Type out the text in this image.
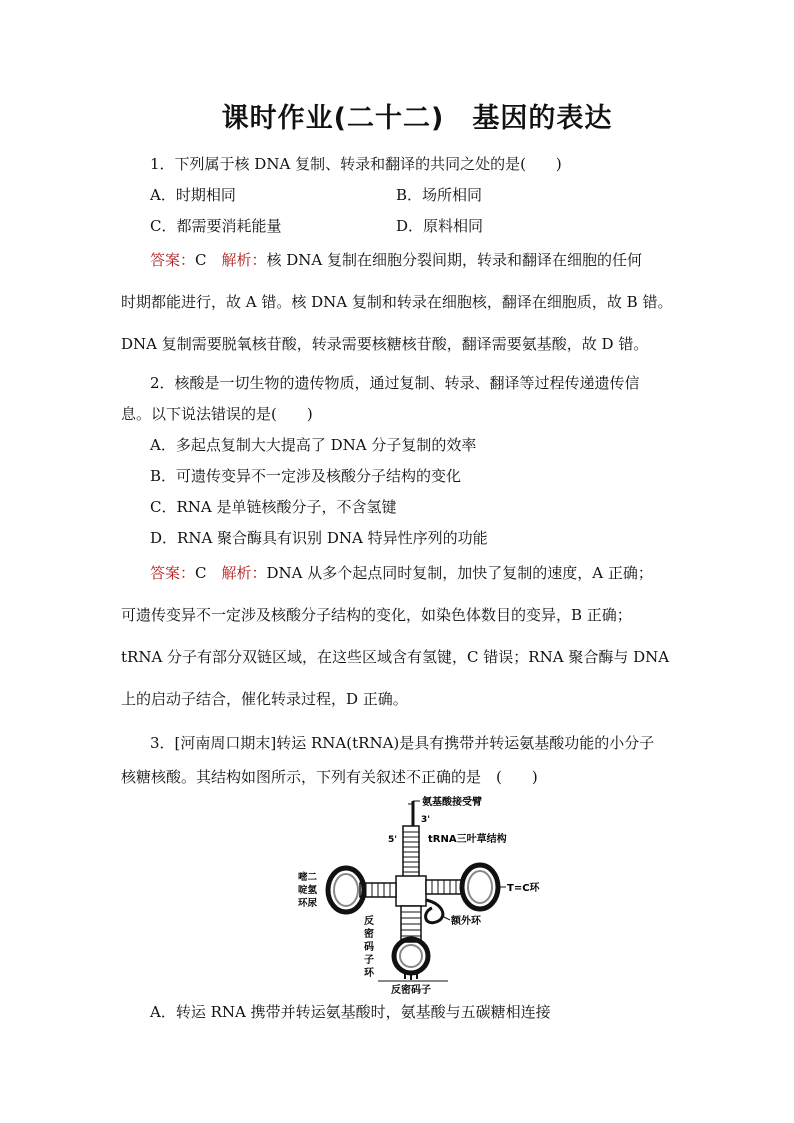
课时作业(二十二)　基因的表达
1．下列属于核 DNA 复制、转录和翻译的共同之处的是(　　)
A．时期相同	B．场所相同
C．都需要消耗能量	D．原料相同
答案：C　解析：核 DNA 复制在细胞分裂间期，转录和翻译在细胞的任何
时期都能进行，故 A 错。核 DNA 复制和转录在细胞核，翻译在细胞质，故 B 错。
DNA 复制需要脱氧核苷酸，转录需要核糖核苷酸，翻译需要氨基酸，故 D 错。
2．核酸是一切生物的遗传物质，通过复制、转录、翻译等过程传递遗传信
息。以下说法错误的是(　　)
A．多起点复制大大提高了 DNA 分子复制的效率
B．可遗传变异不一定涉及核酸分子结构的变化
C．RNA 是单链核酸分子，不含氢键
D．RNA 聚合酶具有识别 DNA 特异性序列的功能
答案：C　解析：DNA 从多个起点同时复制，加快了复制的速度，A 正确；
可遗传变异不一定涉及核酸分子结构的变化，如染色体数目的变异，B 正确；
tRNA 分子有部分双链区域，在这些区域含有氢键，C 错误；RNA 聚合酶与 DNA
上的启动子结合，催化转录过程，D 正确。
3．[河南周口期末]转运 RNA(tRNA)是具有携带并转运氨基酸功能的小分子
核糖核酸。其结构如图所示，下列有关叙述不正确的是　(　　)
氨基酸接受臂
3'
5'	tRNA三叶草结构
嘧二
啶氢
环尿
T=C环
额外环
反
密
码
子
环
反密码子
A．转运 RNA 携带并转运氨基酸时，氨基酸与五碳糖相连接
